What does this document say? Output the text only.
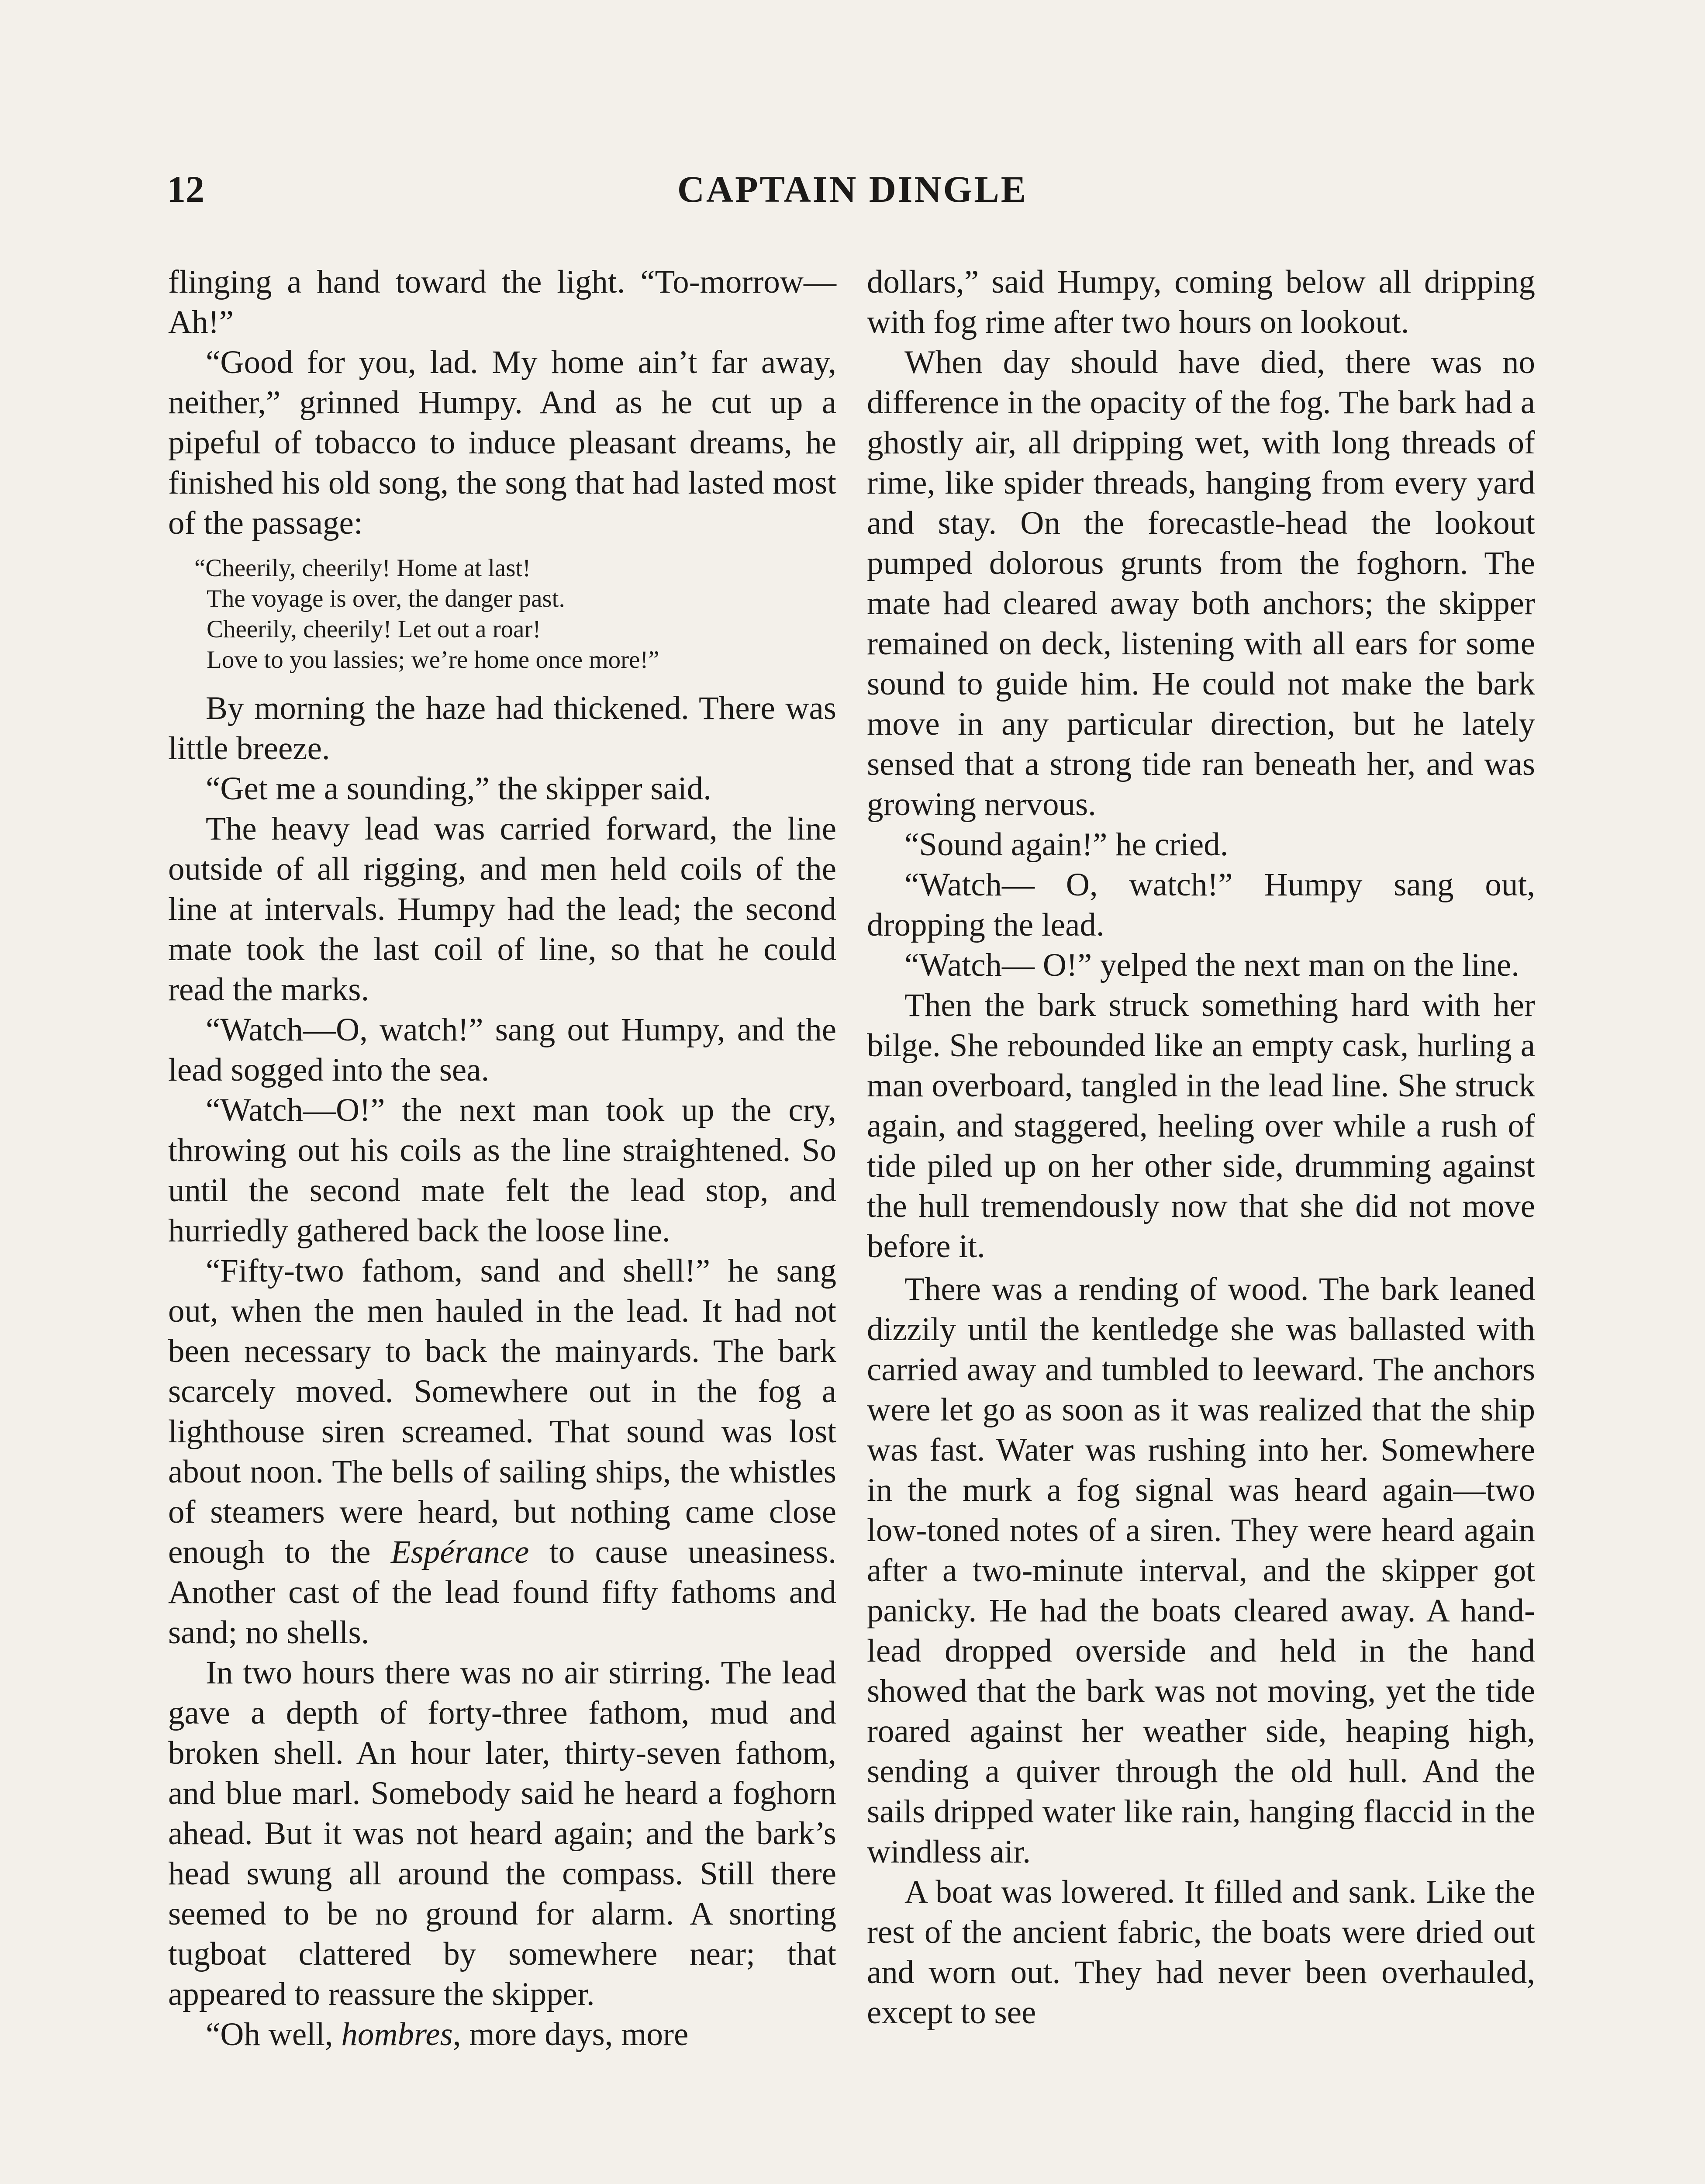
12	CAPTAIN DINGLE

flinging a hand toward the light. “To-morrow— Ah!”

“Good for you, lad. My home ain’t far away, neither,” grinned Humpy. And as he cut up a pipeful of tobacco to induce pleasant dreams, he finished his old song, the song that had lasted most of the passage:

“Cheerily, cheerily! Home at last!
The voyage is over, the danger past.
Cheerily, cheerily! Let out a roar!
Love to you lassies; we’re home once more!”

By morning the haze had thickened. There was little breeze.

“Get me a sounding,” the skipper said.

The heavy lead was carried forward, the line outside of all rigging, and men held coils of the line at intervals. Humpy had the lead; the second mate took the last coil of line, so that he could read the marks.

“Watch—O, watch!” sang out Humpy, and the lead sogged into the sea.

“Watch—O!” the next man took up the cry, throwing out his coils as the line straightened. So until the second mate felt the lead stop, and hurriedly gathered back the loose line.

“Fifty-two fathom, sand and shell!” he sang out, when the men hauled in the lead. It had not been necessary to back the mainyards. The bark scarcely moved. Somewhere out in the fog a lighthouse siren screamed. That sound was lost about noon. The bells of sailing ships, the whistles of steamers were heard, but nothing came close enough to the Espérance to cause uneasiness. Another cast of the lead found fifty fathoms and sand; no shells.

In two hours there was no air stirring. The lead gave a depth of forty-three fathom, mud and broken shell. An hour later, thirty-seven fathom, and blue marl. Somebody said he heard a foghorn ahead. But it was not heard again; and the bark’s head swung all around the compass. Still there seemed to be no ground for alarm. A snorting tugboat clattered by somewhere near; that appeared to reassure the skipper.

“Oh well, hombres, more days, more

dollars,” said Humpy, coming below all dripping with fog rime after two hours on lookout.

When day should have died, there was no difference in the opacity of the fog. The bark had a ghostly air, all dripping wet, with long threads of rime, like spider threads, hanging from every yard and stay. On the forecastle-head the lookout pumped dolorous grunts from the foghorn. The mate had cleared away both anchors; the skipper remained on deck, listening with all ears for some sound to guide him. He could not make the bark move in any particular direction, but he lately sensed that a strong tide ran beneath her, and was growing nervous.

“Sound again!” he cried.

“Watch— O, watch!” Humpy sang out, dropping the lead.

“Watch— O!” yelped the next man on the line.

Then the bark struck something hard with her bilge. She rebounded like an empty cask, hurling a man overboard, tangled in the lead line. She struck again, and staggered, heeling over while a rush of tide piled up on her other side, drumming against the hull tremendously now that she did not move before it.

There was a rending of wood. The bark leaned dizzily until the kentledge she was ballasted with carried away and tumbled to leeward. The anchors were let go as soon as it was realized that the ship was fast. Water was rushing into her. Somewhere in the murk a fog signal was heard again—two low-toned notes of a siren. They were heard again after a two-minute interval, and the skipper got panicky. He had the boats cleared away. A hand-lead dropped overside and held in the hand showed that the bark was not moving, yet the tide roared against her weather side, heaping high, sending a quiver through the old hull. And the sails dripped water like rain, hanging flaccid in the windless air.

A boat was lowered. It filled and sank. Like the rest of the ancient fabric, the boats were dried out and worn out. They had never been overhauled, except to see
